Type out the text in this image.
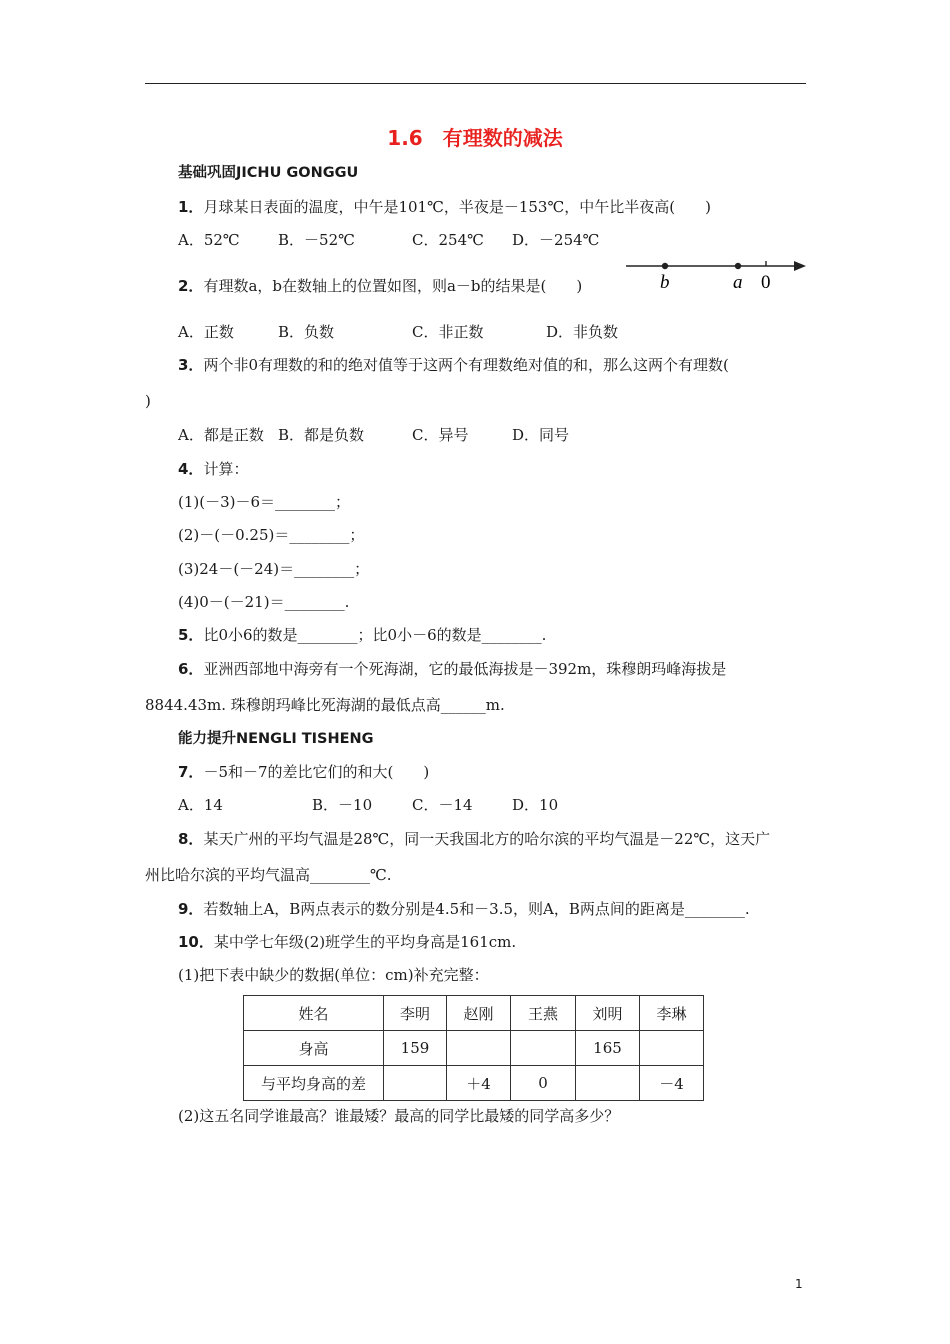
1.6　有理数的减法
基础巩固JICHU GONGGU
1．月球某日表面的温度，中午是101℃，半夜是－153℃，中午比半夜高(　　)
A．52℃	B．－52℃	C．254℃ D．－254℃
2．有理数a，b在数轴上的位置如图，则a－b的结果是(　　)	b	a 0
A．正数	B．负数	C．非正数	D．非负数
3．两个非0有理数的和的绝对值等于这两个有理数绝对值的和，那么这两个有理数(
)
A．都是正数 B．都是负数	C．异号	D．同号
4．计算：
(1)(－3)－6＝________；
(2)－(－0.25)＝________；
(3)24－(－24)＝________；
(4)0－(－21)＝________.
5．比0小6的数是________；比0小－6的数是________.
6．亚洲西部地中海旁有一个死海湖，它的最低海拔是－392m，珠穆朗玛峰海拔是
8844.43m. 珠穆朗玛峰比死海湖的最低点高______m.
能力提升NENGLI TISHENG
7．－5和－7的差比它们的和大(　　)
A．14	B．－10	C．－14	D．10
8．某天广州的平均气温是28℃，同一天我国北方的哈尔滨的平均气温是－22℃，这天广
州比哈尔滨的平均气温高________℃.
9．若数轴上A，B两点表示的数分别是4.5和－3.5，则A，B两点间的距离是________.
10．某中学七年级(2)班学生的平均身高是161cm.
(1)把下表中缺少的数据(单位：cm)补充完整：
姓名	李明	赵刚	王燕	刘明	李琳
身高	159			165	
与平均身高的差		＋4	0		－4
(2)这五名同学谁最高？谁最矮？最高的同学比最矮的同学高多少？
1
